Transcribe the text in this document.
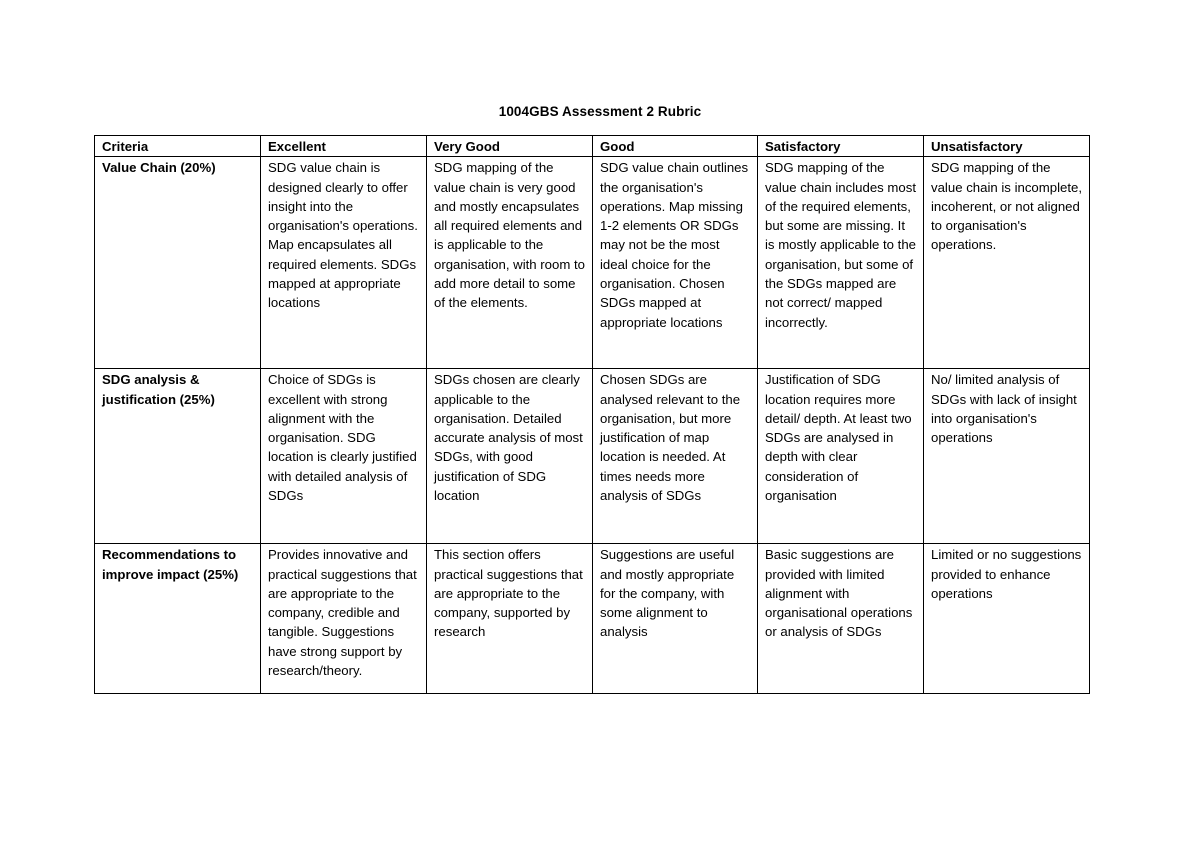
1004GBS Assessment 2 Rubric
Criteria	Excellent	Very Good	Good	Satisfactory	Unsatisfactory
Value Chain (20%)	SDG value chain is designed clearly to offer insight into the organisation's operations. Map encapsulates all required elements. SDGs mapped at appropriate locations	SDG mapping of the value chain is very good and mostly encapsulates all required elements and is applicable to the organisation, with room to add more detail to some of the elements.	SDG value chain outlines the organisation's operations. Map missing 1-2 elements OR SDGs may not be the most ideal choice for the organisation. Chosen SDGs mapped at appropriate locations	SDG mapping of the value chain includes most of the required elements, but some are missing. It is mostly applicable to the organisation, but some of the SDGs mapped are not correct/ mapped incorrectly.	SDG mapping of the value chain is incomplete, incoherent, or not aligned to organisation's operations.
SDG analysis & justification (25%)	Choice of SDGs is excellent with strong alignment with the organisation. SDG location is clearly justified with detailed analysis of SDGs	SDGs chosen are clearly applicable to the organisation. Detailed accurate analysis of most SDGs, with good justification of SDG location	Chosen SDGs are analysed relevant to the organisation, but more justification of map location is needed. At times needs more analysis of SDGs	Justification of SDG location requires more detail/ depth. At least two SDGs are analysed in depth with clear consideration of organisation	No/ limited analysis of SDGs with lack of insight into organisation's operations
Recommendations to improve impact (25%)	Provides innovative and practical suggestions that are appropriate to the company, credible and tangible. Suggestions have strong support by research/theory.	This section offers practical suggestions that are appropriate to the company, supported by research	Suggestions are useful and mostly appropriate for the company, with some alignment to analysis	Basic suggestions are provided with limited alignment with organisational operations or analysis of SDGs	Limited or no suggestions provided to enhance operations
